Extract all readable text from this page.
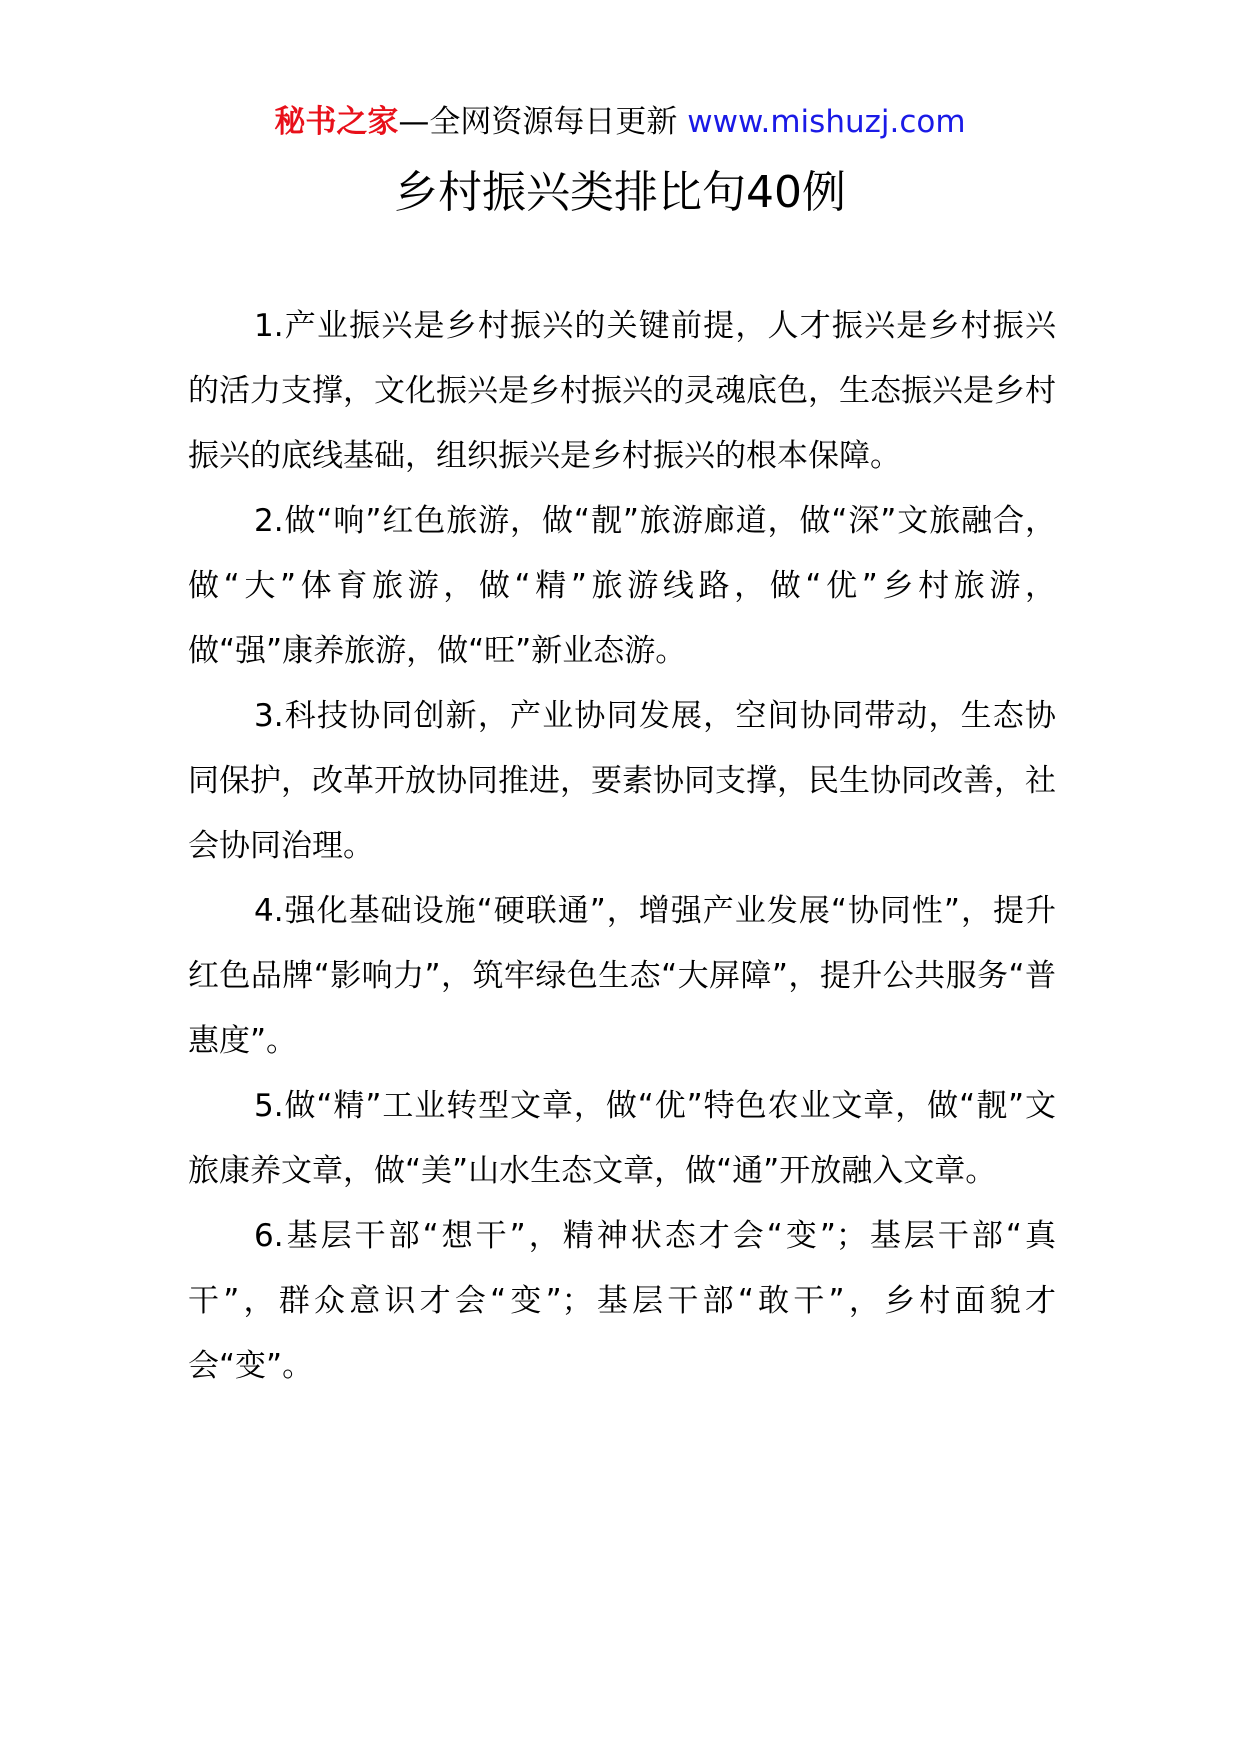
秘书之家—全网资源每日更新 www.mishuzj.com
乡村振兴类排比句40例

1.产业振兴是乡村振兴的关键前提，人才振兴是乡村振兴的活力支撑，文化振兴是乡村振兴的灵魂底色，生态振兴是乡村振兴的底线基础，组织振兴是乡村振兴的根本保障。

2.做“响”红色旅游，做“靓”旅游廊道，做“深”文旅融合，做“大”体育旅游，做“精”旅游线路，做“优”乡村旅游，做“强”康养旅游，做“旺”新业态游。

3.科技协同创新，产业协同发展，空间协同带动，生态协同保护，改革开放协同推进，要素协同支撑，民生协同改善，社会协同治理。

4.强化基础设施“硬联通”，增强产业发展“协同性”，提升红色品牌“影响力”，筑牢绿色生态“大屏障”，提升公共服务“普惠度”。

5.做“精”工业转型文章，做“优”特色农业文章，做“靓”文旅康养文章，做“美”山水生态文章，做“通”开放融入文章。

6.基层干部“想干”，精神状态才会“变”；基层干部“真干”，群众意识才会“变”；基层干部“敢干”，乡村面貌才会“变”。
